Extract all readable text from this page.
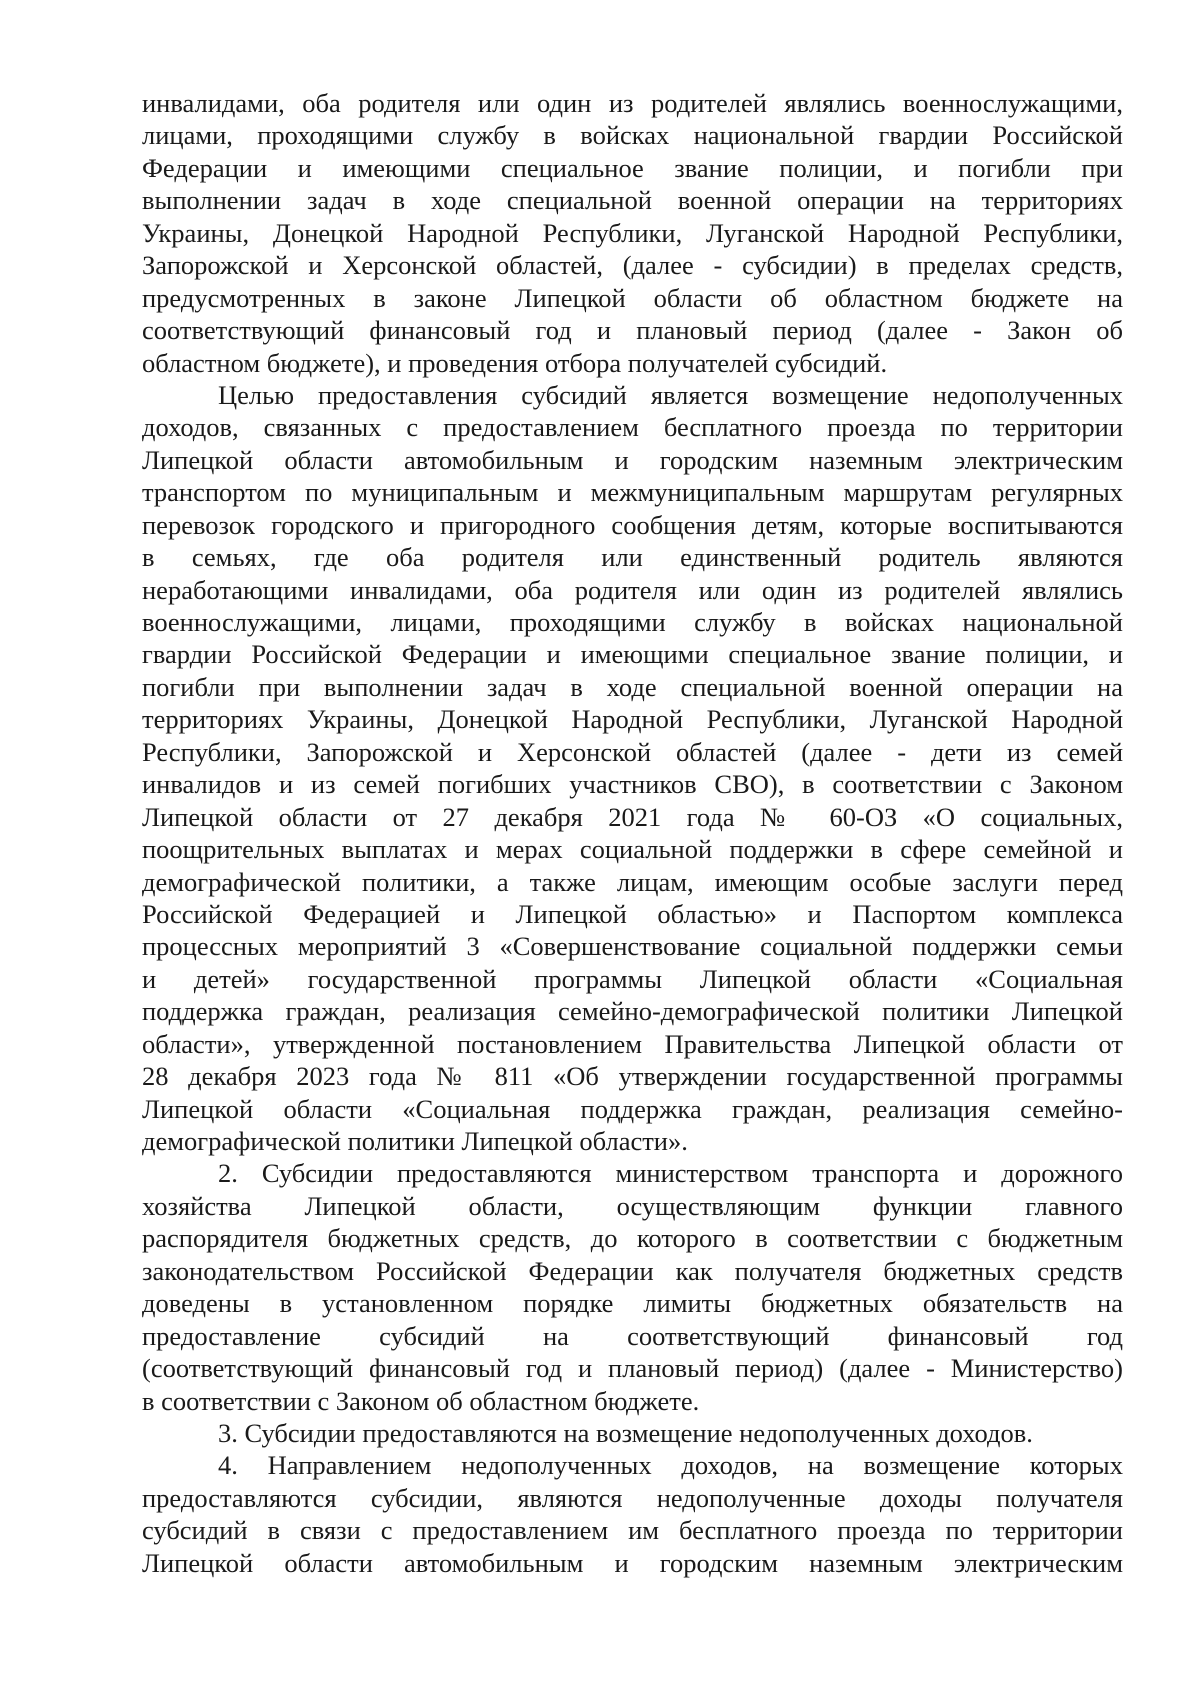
инвалидами, оба родителя или один из родителей являлись военнослужащими,
лицами, проходящими службу в войсках национальной гвардии Российской
Федерации и имеющими специальное звание полиции, и погибли при
выполнении задач в ходе специальной военной операции на территориях
Украины, Донецкой Народной Республики, Луганской Народной Республики,
Запорожской и Херсонской областей, (далее - субсидии) в пределах средств,
предусмотренных в законе Липецкой области об областном бюджете на
соответствующий финансовый год и плановый период (далее - Закон об
областном бюджете), и проведения отбора получателей субсидий.
Целью предоставления субсидий является возмещение недополученных
доходов, связанных с предоставлением бесплатного проезда по территории
Липецкой области автомобильным и городским наземным электрическим
транспортом по муниципальным и межмуниципальным маршрутам регулярных
перевозок городского и пригородного сообщения детям, которые воспитываются
в семьях, где оба родителя или единственный родитель являются
неработающими инвалидами, оба родителя или один из родителей являлись
военнослужащими, лицами, проходящими службу в войсках национальной
гвардии Российской Федерации и имеющими специальное звание полиции, и
погибли при выполнении задач в ходе специальной военной операции на
территориях Украины, Донецкой Народной Республики, Луганской Народной
Республики, Запорожской и Херсонской областей (далее - дети из семей
инвалидов и из семей погибших участников СВО), в соответствии с Законом
Липецкой области от 27 декабря 2021 года № 60-ОЗ «О социальных,
поощрительных выплатах и мерах социальной поддержки в сфере семейной и
демографической политики, а также лицам, имеющим особые заслуги перед
Российской Федерацией и Липецкой областью» и Паспортом комплекса
процессных мероприятий 3 «Совершенствование социальной поддержки семьи
и детей» государственной программы Липецкой области «Социальная
поддержка граждан, реализация семейно-демографической политики Липецкой
области», утвержденной постановлением Правительства Липецкой области от
28 декабря 2023 года № 811 «Об утверждении государственной программы
Липецкой области «Социальная поддержка граждан, реализация семейно-
демографической политики Липецкой области».
2. Субсидии предоставляются министерством транспорта и дорожного
хозяйства Липецкой области, осуществляющим функции главного
распорядителя бюджетных средств, до которого в соответствии с бюджетным
законодательством Российской Федерации как получателя бюджетных средств
доведены в установленном порядке лимиты бюджетных обязательств на
предоставление субсидий на соответствующий финансовый год
(соответствующий финансовый год и плановый период) (далее - Министерство)
в соответствии с Законом об областном бюджете.
3. Субсидии предоставляются на возмещение недополученных доходов.
4. Направлением недополученных доходов, на возмещение которых
предоставляются субсидии, являются недополученные доходы получателя
субсидий в связи с предоставлением им бесплатного проезда по территории
Липецкой области автомобильным и городским наземным электрическим
